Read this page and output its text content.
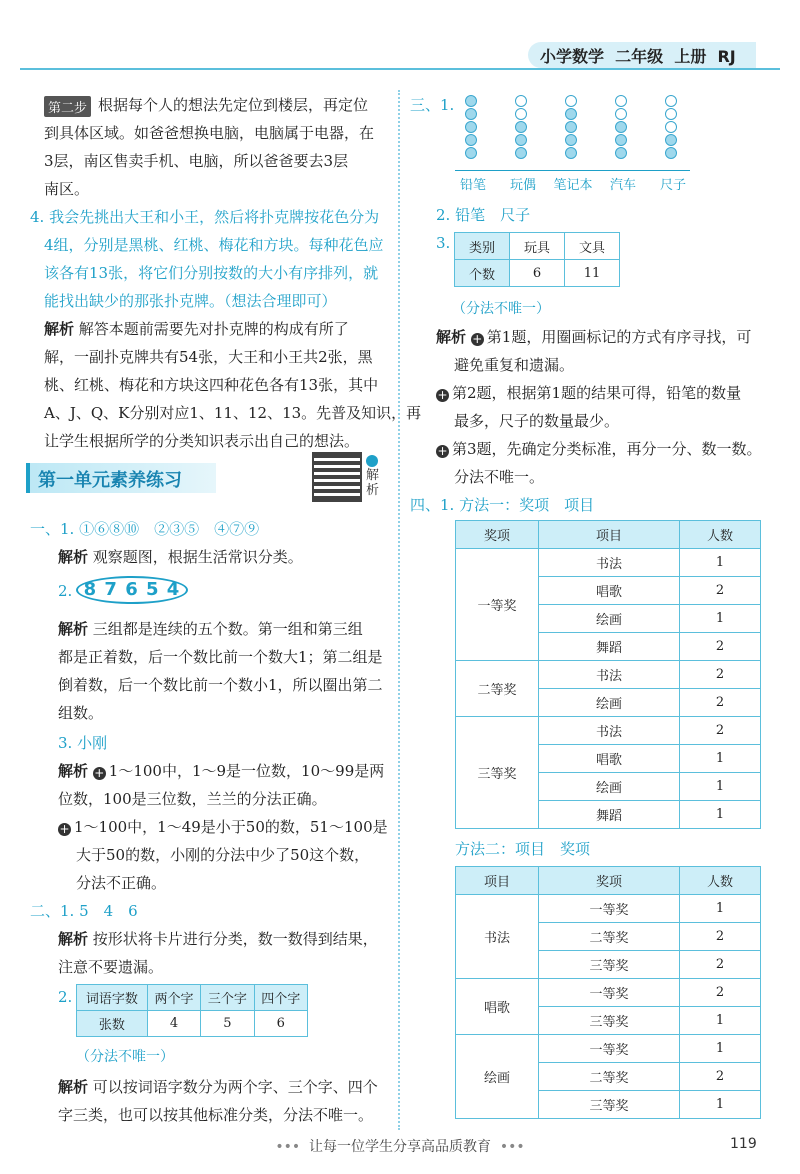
小学数学 二年级 上册 RJ
第二步 根据每个人的想法先定位到楼层，再定位
到具体区域。如爸爸想换电脑，电脑属于电器，在
3层，南区售卖手机、电脑，所以爸爸要去3层
南区。
4. 我会先挑出大王和小王，然后将扑克牌按花色分为
4组，分别是黑桃、红桃、梅花和方块。每种花色应
该各有13张，将它们分别按数的大小有序排列，就
能找出缺少的那张扑克牌。（想法合理即可）
解析 解答本题前需要先对扑克牌的构成有所了
解，一副扑克牌共有54张，大王和小王共2张，黑
桃、红桃、梅花和方块这四种花色各有13张，其中
A、J、Q、K分别对应1、11、12、13。先普及知识，再
让学生根据所学的分类知识表示出自己的想法。
第一单元素养练习	解析
一、1. ①⑥⑧⑩　②③⑤　④⑦⑨
解析 观察题图，根据生活常识分类。
2. 8 7 6 5 4
解析 三组都是连续的五个数。第一组和第三组
都是正着数，后一个数比前一个数大1；第二组是
倒着数，后一个数比前一个数小1，所以圈出第二
组数。
3. 小刚
解析 + 1～100中，1～9是一位数，10～99是两
位数，100是三位数，兰兰的分法正确。
+ 1～100中，1～49是小于50的数，51～100是
大于50的数，小刚的分法中少了50这个数，
分法不正确。
二、1. 5　4　6
解析 按形状将卡片进行分类，数一数得到结果，
注意不要遗漏。
2. 词语字数	两个字	三个字	四个字
张数	4	5	6
（分法不唯一）
解析 可以按词语字数分为两个字、三个字、四个
字三类，也可以按其他标准分类，分法不唯一。
三、1.
铅笔	玩偶	笔记本	汽车	尺子
2. 铅笔　尺子
3. 类别	玩具	文具
个数	6	11
（分法不唯一）
解析 + 第1题，用圈画标记的方式有序寻找，可
避免重复和遗漏。
+ 第2题，根据第1题的结果可得，铅笔的数量
最多，尺子的数量最少。
+ 第3题，先确定分类标准，再分一分、数一数。
分法不唯一。
四、1. 方法一：奖项　项目
奖项	项目	人数
一等奖	书法	1
	唱歌	2
	绘画	1
	舞蹈	2
二等奖	书法	2
	绘画	2
三等奖	书法	2
	唱歌	1
	绘画	1
	舞蹈	1
方法二：项目　奖项
项目	奖项	人数
书法	一等奖	1
	二等奖	2
	三等奖	2
唱歌	一等奖	2
	三等奖	1
绘画	一等奖	1
	二等奖	2
	三等奖	1
••• 让每一位学生分享高品质教育 •••	119
